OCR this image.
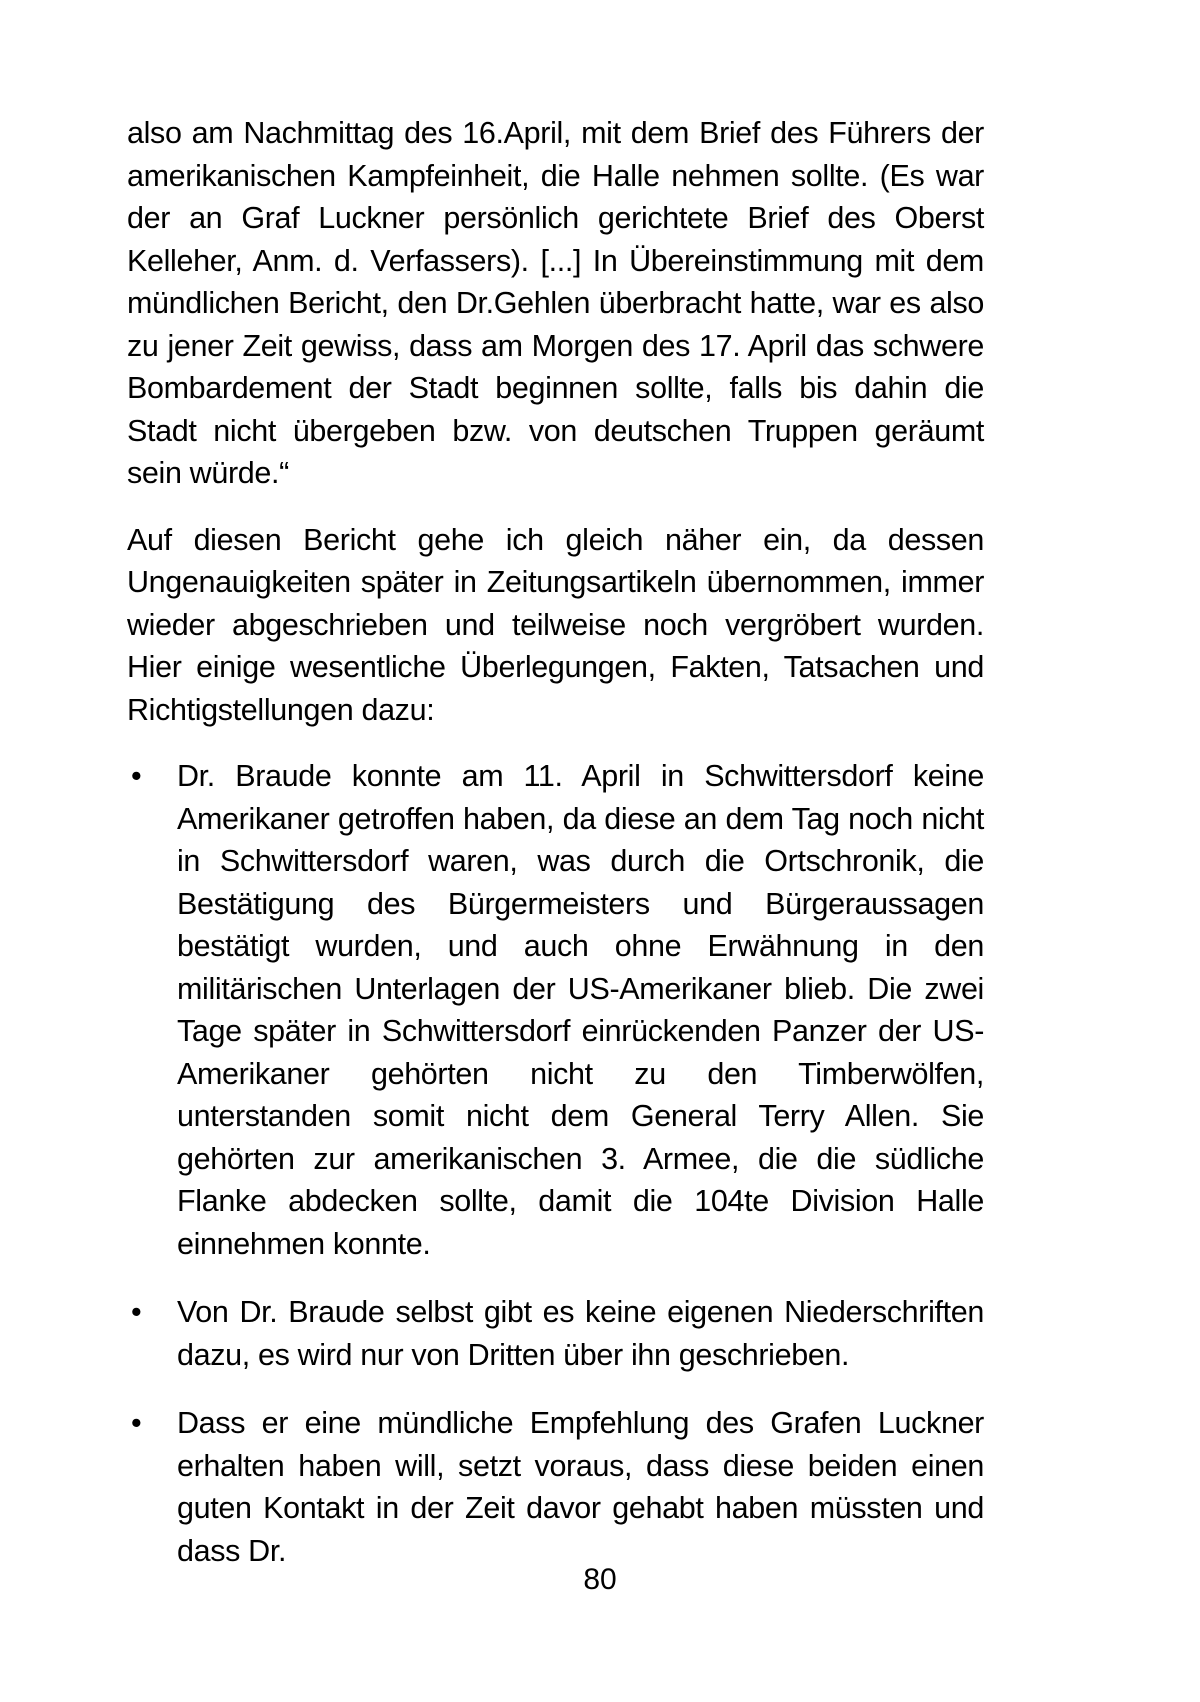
also am Nachmittag des 16.April, mit dem Brief des Führers der amerikanischen Kampfeinheit, die Halle nehmen sollte. (Es war der an Graf Luckner persönlich gerichtete Brief des Oberst Kelleher, Anm. d. Verfassers). [...] In Übereinstimmung mit dem mündlichen Bericht, den Dr.Gehlen überbracht hatte, war es also zu jener Zeit gewiss, dass am Morgen des 17. April das schwere Bombardement der Stadt beginnen sollte, falls bis dahin die Stadt nicht übergeben bzw. von deutschen Truppen geräumt sein würde.“

Auf diesen Bericht gehe ich gleich näher ein, da dessen Ungenauigkeiten später in Zeitungsartikeln übernommen, immer wieder abgeschrieben und teilweise noch vergröbert wurden. Hier einige wesentliche Überlegungen, Fakten, Tatsachen und Richtigstellungen dazu:

•	Dr. Braude konnte am 11. April in Schwittersdorf keine Amerikaner getroffen haben, da diese an dem Tag noch nicht in Schwittersdorf waren, was durch die Ortschronik, die Bestätigung des Bürgermeisters und Bürgeraussagen bestätigt wurden, und auch ohne Erwähnung in den militärischen Unterlagen der US-Amerikaner blieb. Die zwei Tage später in Schwittersdorf einrückenden Panzer der US-Amerikaner gehörten nicht zu den Timberwölfen, unterstanden somit nicht dem General Terry Allen. Sie gehörten zur amerikanischen 3. Armee, die die südliche Flanke abdecken sollte, damit die 104te Division Halle einnehmen konnte.
•	Von Dr. Braude selbst gibt es keine eigenen Niederschriften dazu, es wird nur von Dritten über ihn geschrieben.
•	Dass er eine mündliche Empfehlung des Grafen Luckner erhalten haben will, setzt voraus, dass diese beiden einen guten Kontakt in der Zeit davor gehabt haben müssten und dass Dr.
80
